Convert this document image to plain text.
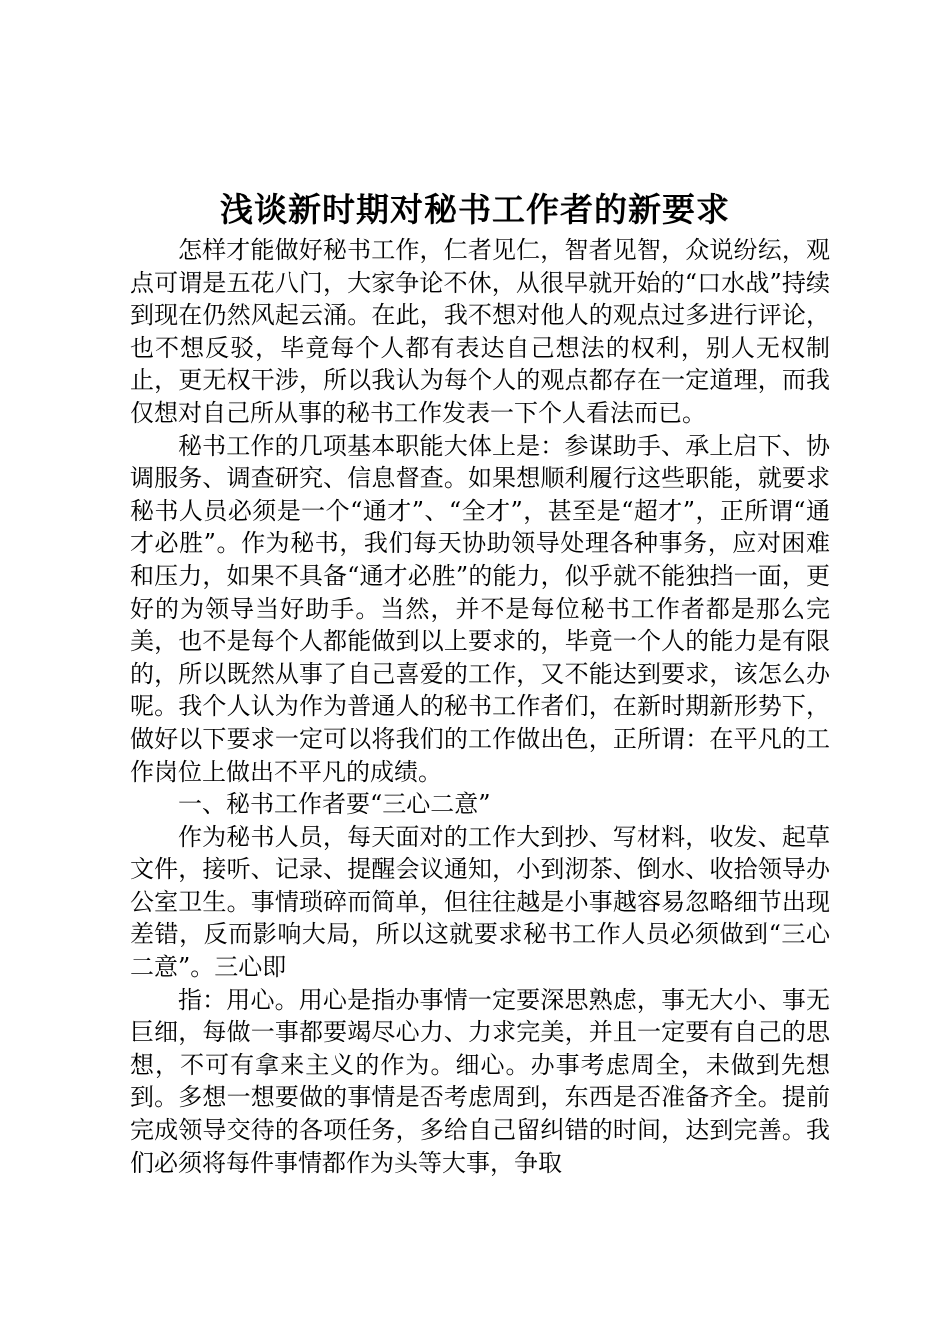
浅谈新时期对秘书工作者的新要求

怎样才能做好秘书工作，仁者见仁，智者见智，众说纷纭，观点可谓是五花八门，大家争论不休，从很早就开始的“口水战”持续到现在仍然风起云涌。在此，我不想对他人的观点过多进行评论，也不想反驳，毕竟每个人都有表达自己想法的权利，别人无权制止，更无权干涉，所以我认为每个人的观点都存在一定道理，而我仅想对自己所从事的秘书工作发表一下个人看法而已。

秘书工作的几项基本职能大体上是：参谋助手、承上启下、协调服务、调查研究、信息督查。如果想顺利履行这些职能，就要求秘书人员必须是一个“通才”、“全才”，甚至是“超才”，正所谓“通才必胜”。作为秘书，我们每天协助领导处理各种事务，应对困难和压力，如果不具备“通才必胜”的能力，似乎就不能独挡一面，更好的为领导当好助手。当然，并不是每位秘书工作者都是那么完美，也不是每个人都能做到以上要求的，毕竟一个人的能力是有限的，所以既然从事了自己喜爱的工作，又不能达到要求，该怎么办呢。我个人认为作为普通人的秘书工作者们，在新时期新形势下，做好以下要求一定可以将我们的工作做出色，正所谓：在平凡的工作岗位上做出不平凡的成绩。

一、秘书工作者要“三心二意”

作为秘书人员，每天面对的工作大到抄、写材料，收发、起草文件，接听、记录、提醒会议通知，小到沏茶、倒水、收拾领导办公室卫生。事情琐碎而简单，但往往越是小事越容易忽略细节出现差错，反而影响大局，所以这就要求秘书工作人员必须做到“三心二意”。三心即

指：用心。用心是指办事情一定要深思熟虑，事无大小、事无巨细，每做一事都要竭尽心力、力求完美，并且一定要有自己的思想，不可有拿来主义的作为。细心。办事考虑周全，未做到先想到。多想一想要做的事情是否考虑周到，东西是否准备齐全。提前完成领导交待的各项任务，多给自己留纠错的时间，达到完善。我们必须将每件事情都作为头等大事，争取
